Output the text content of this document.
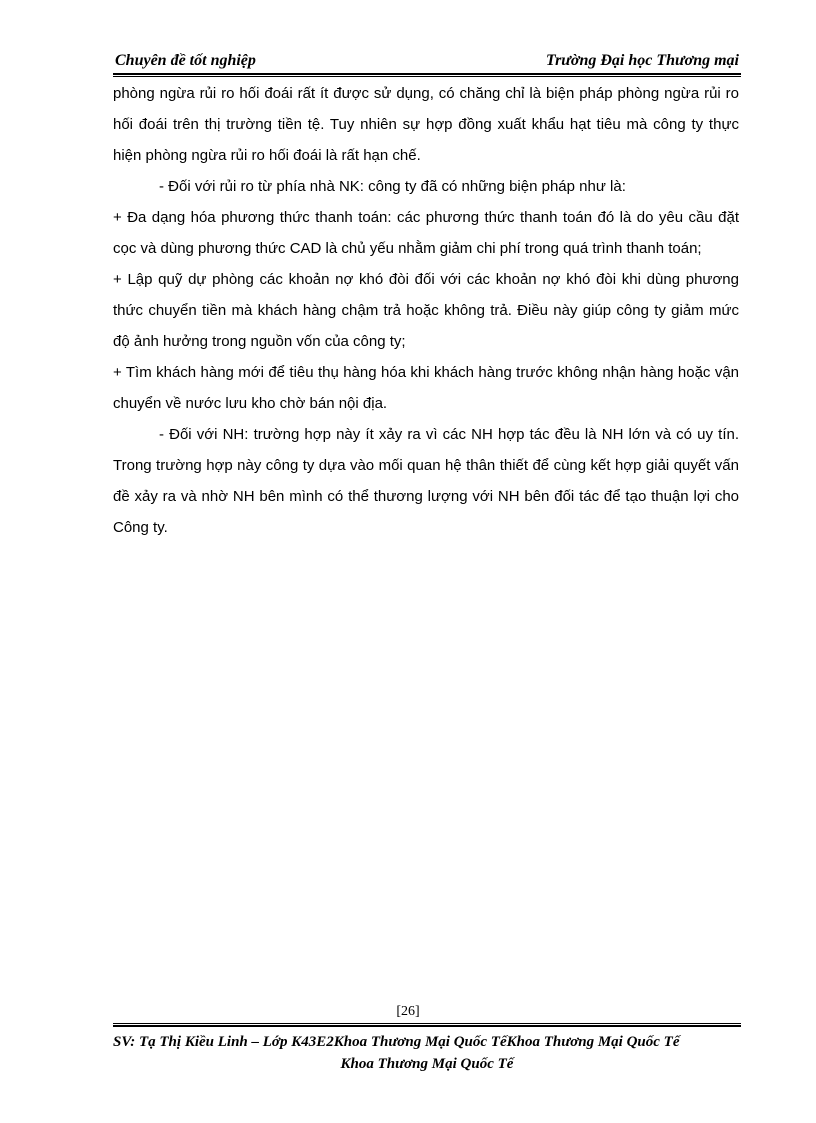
Chuyên đề tốt nghiệp	Trường Đại học Thương mại

phòng ngừa rủi ro hối đoái rất ít được sử dụng, có chăng chỉ là biện pháp phòng ngừa rủi ro hối đoái trên thị trường tiền tệ. Tuy nhiên sự hợp đồng xuất khẩu hạt tiêu mà công ty thực hiện phòng ngừa rủi ro hối đoái là rất hạn chế.

- Đối với rủi ro từ phía nhà NK: công ty đã có những biện pháp như là:

+ Đa dạng hóa phương thức thanh toán: các phương thức thanh toán đó là do yêu cầu đặt cọc và dùng phương thức CAD là chủ yếu nhằm giảm chi phí trong quá trình thanh toán;

+ Lập quỹ dự phòng các khoản nợ khó đòi đối với các khoản nợ khó đòi khi dùng phương thức chuyển tiền mà khách hàng chậm trả hoặc không trả. Điều này giúp công ty giảm mức độ ảnh hưởng trong nguồn vốn của công ty;

+ Tìm khách hàng mới để tiêu thụ hàng hóa khi khách hàng trước không nhận hàng hoặc vận chuyển về nước lưu kho chờ bán nội địa.

- Đối với NH: trường hợp này ít xảy ra vì các NH hợp tác đều là NH lớn và có uy tín. Trong trường hợp này công ty dựa vào mối quan hệ thân thiết để cùng kết hợp giải quyết vấn đề xảy ra và nhờ NH bên mình có thể thương lượng với NH bên đối tác để tạo thuận lợi cho Công ty.

[26]
SV: Tạ Thị Kiều Linh – Lớp K43E2Khoa Thương Mại Quốc TếKhoa Thương Mại Quốc Tế
Khoa Thương Mại Quốc Tế
